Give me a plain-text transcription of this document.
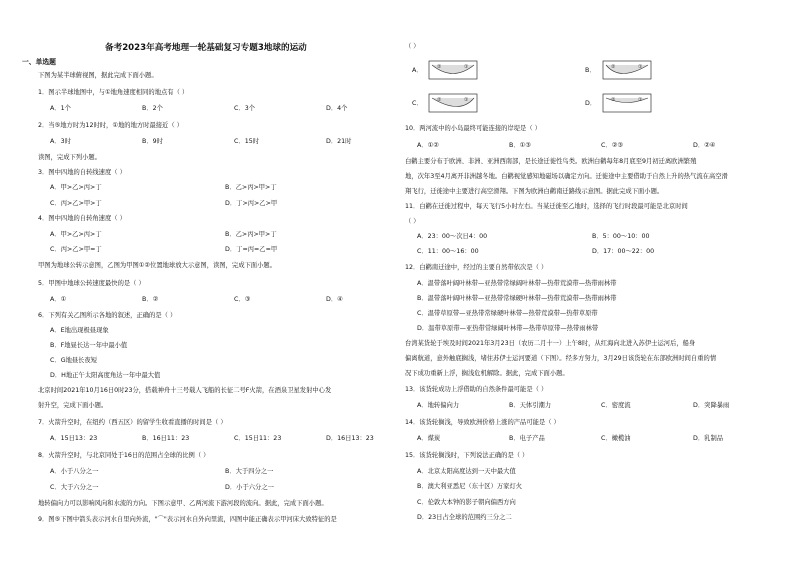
备考2023年高考地理一轮基础复习专题3地球的运动
一、单选题
下图为某半球俯视图，据此完成下面小题。
1．图示半球地图中，与①地角速度相同的地点有（ ）
A．1个	B．2个	C．3个	D．4个
2．当⑤地方时为12时时，①地的地方时最接近（ ）
A．3时	B．9时	C．15时	D．21时
读图，完成下列小题。
3．图中四地的自转线速度（ ）
A．甲>乙>丙>丁	B．乙>丙>甲>丁
C．丙>乙>甲>丁	D．丁>丙>乙>甲
4．图中四地的自转角速度（ ）
A．甲>乙>丙>丁	B．乙>丙>甲>丁
C．丙>乙>甲=丁	D．丁=丙=乙=甲
甲图为地球公转示意图，乙图为甲图①②位置地球放大示意图，读图，完成下面小题。
5．甲图中地球公转速度最快的是（ ）
A．①	B．②	C．③	D．④
6．下列有关乙图所示各地的叙述，正确的是（ ）
A．E地出现极昼现象
B．F地昼长达一年中最小值
C．G地昼长夜短
D．H地正午太阳高度角达一年中最大值
北京时间2021年10月16日0时23分，搭载神舟十三号载人飞船的长征二号F火箭，在酒泉卫星发射中心发
射升空，完成下面小题。
7．火箭升空时，在纽约（西五区）的留学生收看直播的时间是（ ）
A．15日13：23	B．16日11：23	C．15日11：23	D．16日13：23
8．火箭升空时，与北京同处于16日的范围占全球的比例（ ）
A．小于八分之一	B．大于四分之一
C．大于六分之一	D．小于六分之一
地转偏向力可以影响风向和水流的方向。下图示意甲、乙两河流下游河段的流向。据此，完成下面小题。
9．图⑤下图中箭头表示河水自里向外流，"⌒"表示河水自外向里流，四图中能正确表示甲河床大致特征的是
（ ）
A．	②	①	B．	②	①
C．	②	①	D．	②	①
10．两河流中的小岛最终可能连接的岸堤是（ ）
A．①②	B．①③	C．②③	D．②④
白鹳主要分布于欧洲、非洲、亚洲西南部，是长途迁徙性鸟类。欧洲白鹳每年8月底至9月初迁离欧洲繁殖
地，次年3至4月离开非洲越冬地。白鹳视觉感知地磁场以确定方向。迁徙途中主要借助于自然上升的热气流在高空滑
翔飞行，迁徙途中主要进行高空滑翔。下图为欧洲白鹳南迁路线示意图。据此完成下面小题。
11．白鹳在迁徙过程中，每天飞行5小时左右。当某迁徙至乙地时，选择的飞行时段最可能是北京时间
（ ）
A．23：00～次日4：00	B．5：00～10：00
C．11：00～16：00	D．17：00～22：00
12．白鹳南迁途中，经过的主要自然带依次是（ ）
A．温带落叶阔叶林带—亚热带常绿阔叶林带—热带荒漠带—热带雨林带
B．温带落叶阔叶林带—亚热带常绿硬叶林带—热带荒漠带—热带雨林带
C．温带草原带—亚热带常绿硬叶林带—热带荒漠带—热带草原带
D．温带草原带—亚热带常绿阔叶林带—热带草原带—热带雨林带
台湾某货轮于埃及时间2021年3月23日（农历二月十一）上午8时，从红海向北进入苏伊士运河后，船身
偏离航道，意外触底搁浅，堵住苏伊士运河要道（下图）。经多方努力，3月29日该货轮在东部欧洲时间自重的情
况下成功重新上浮，搁浅危机解除。据此，完成下面小题。
13．该货轮成功上浮借助的自然条件最可能是（ ）
A．地转偏向力	B．天体引潮力	C．密度流	D．突降暴雨
14．该货轮搁浅，导致欧洲价格上涨的产品可能是（ ）
A．煤炭	B．电子产品	C．橄榄油	D．乳制品
15．该货轮搁浅时，下列说法正确的是（ ）
A．北京太阳高度达到一天中最大值
B．澳大利亚悉尼（东十区）万家灯火
C．伦敦大本钟的影子朝向偏西方向
D．23日占全球的范围约三分之二
